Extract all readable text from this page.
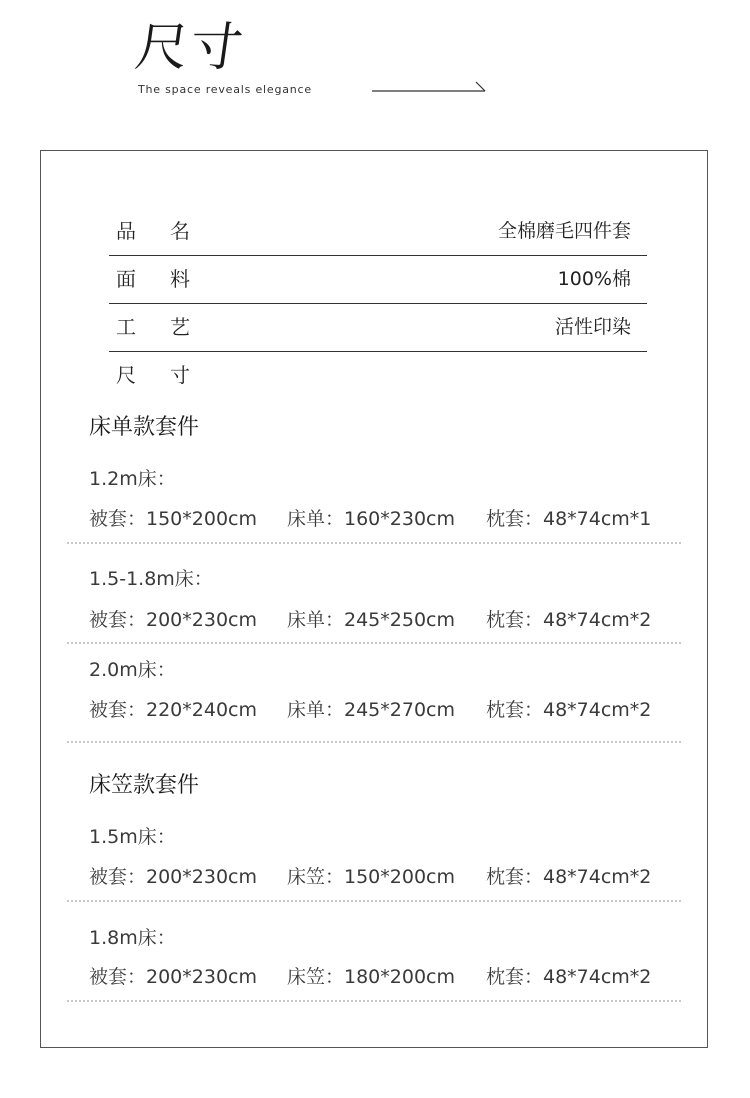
尺寸
The space reveals elegance
品名	全棉磨毛四件套
面料	100%棉
工艺	活性印染
尺寸
床单款套件
1.2m床：
被套：150*200cm 床单：160*230cm 枕套：48*74cm*1
1.5-1.8m床：
被套：200*230cm 床单：245*250cm 枕套：48*74cm*2
2.0m床：
被套：220*240cm 床单：245*270cm 枕套：48*74cm*2
床笠款套件
1.5m床：
被套：200*230cm 床笠：150*200cm 枕套：48*74cm*2
1.8m床：
被套：200*230cm 床笠：180*200cm 枕套：48*74cm*2
